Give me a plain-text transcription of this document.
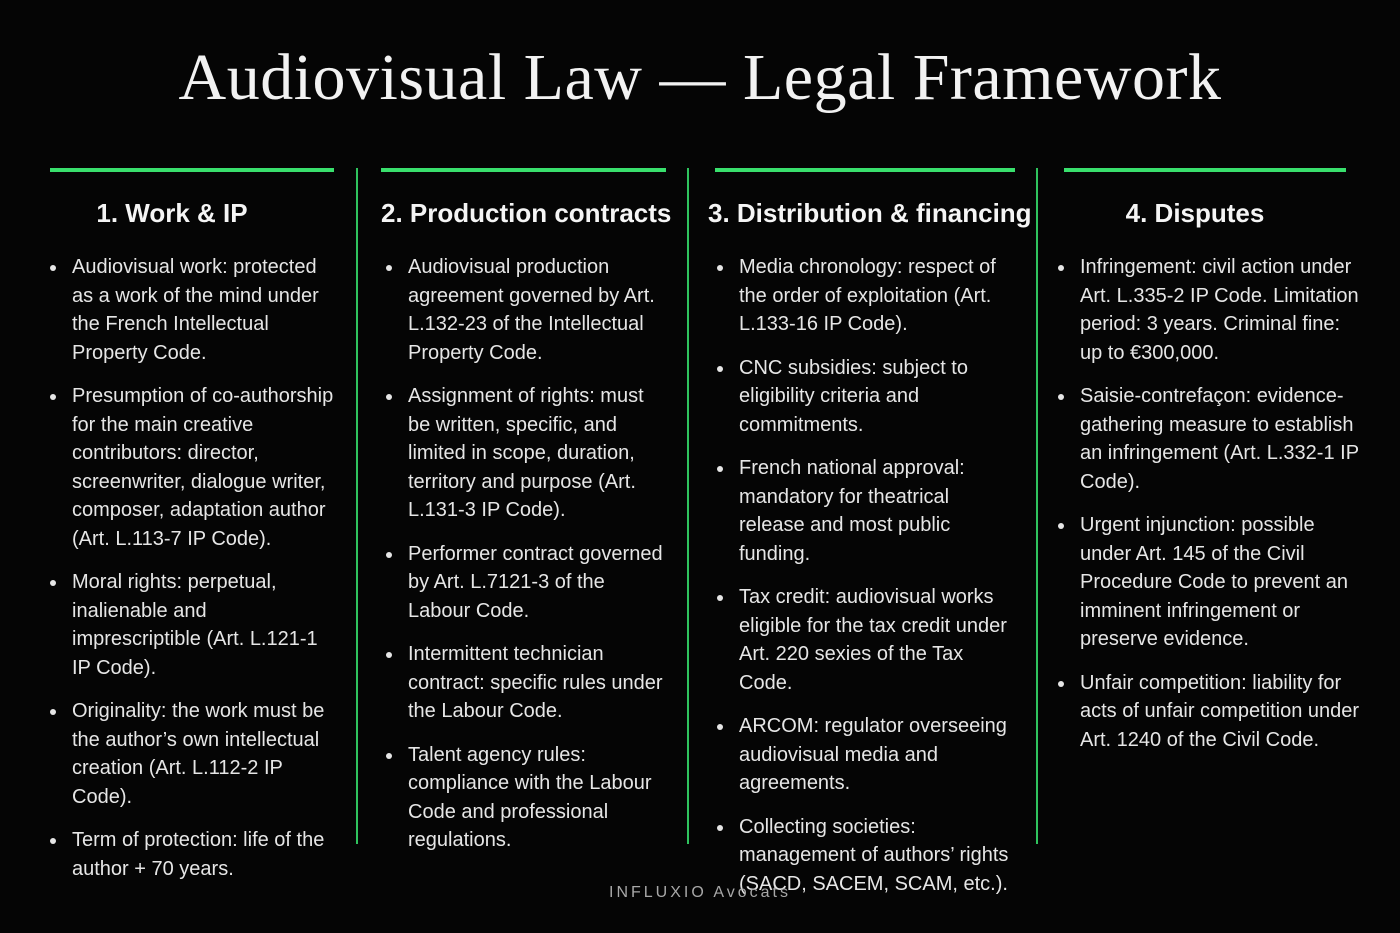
Audiovisual Law — Legal Framework
1. Work & IP
Audiovisual work: protected as a work of the mind under the French Intellectual Property Code.
Presumption of co-authorship for the main creative contributors: director, screenwriter, dialogue writer, composer, adaptation author (Art. L.113-7 IP Code).
Moral rights: perpetual, inalienable and imprescriptible (Art. L.121-1 IP Code).
Originality: the work must be the author’s own intellectual creation (Art. L.112-2 IP Code).
Term of protection: life of the author + 70 years.
2. Production contracts
Audiovisual production agreement governed by Art. L.132-23 of the Intellectual Property Code.
Assignment of rights: must be written, specific, and limited in scope, duration, territory and purpose (Art. L.131-3 IP Code).
Performer contract governed by Art. L.7121-3 of the Labour Code.
Intermittent technician contract: specific rules under the Labour Code.
Talent agency rules: compliance with the Labour Code and professional regulations.
3. Distribution & financing
Media chronology: respect of the order of exploitation (Art. L.133-16 IP Code).
CNC subsidies: subject to eligibility criteria and commitments.
French national approval: mandatory for theatrical release and most public funding.
Tax credit: audiovisual works eligible for the tax credit under Art. 220 sexies of the Tax Code.
ARCOM: regulator overseeing audiovisual media and agreements.
Collecting societies: management of authors’ rights (SACD, SACEM, SCAM, etc.).
4. Disputes
Infringement: civil action under Art. L.335-2 IP Code. Limitation period: 3 years. Criminal fine: up to €300,000.
Saisie-contrefaçon: evidence-gathering measure to establish an infringement (Art. L.332-1 IP Code).
Urgent injunction: possible under Art. 145 of the Civil Procedure Code to prevent an imminent infringement or preserve evidence.
Unfair competition: liability for acts of unfair competition under Art. 1240 of the Civil Code.
INFLUXIO Avocats
